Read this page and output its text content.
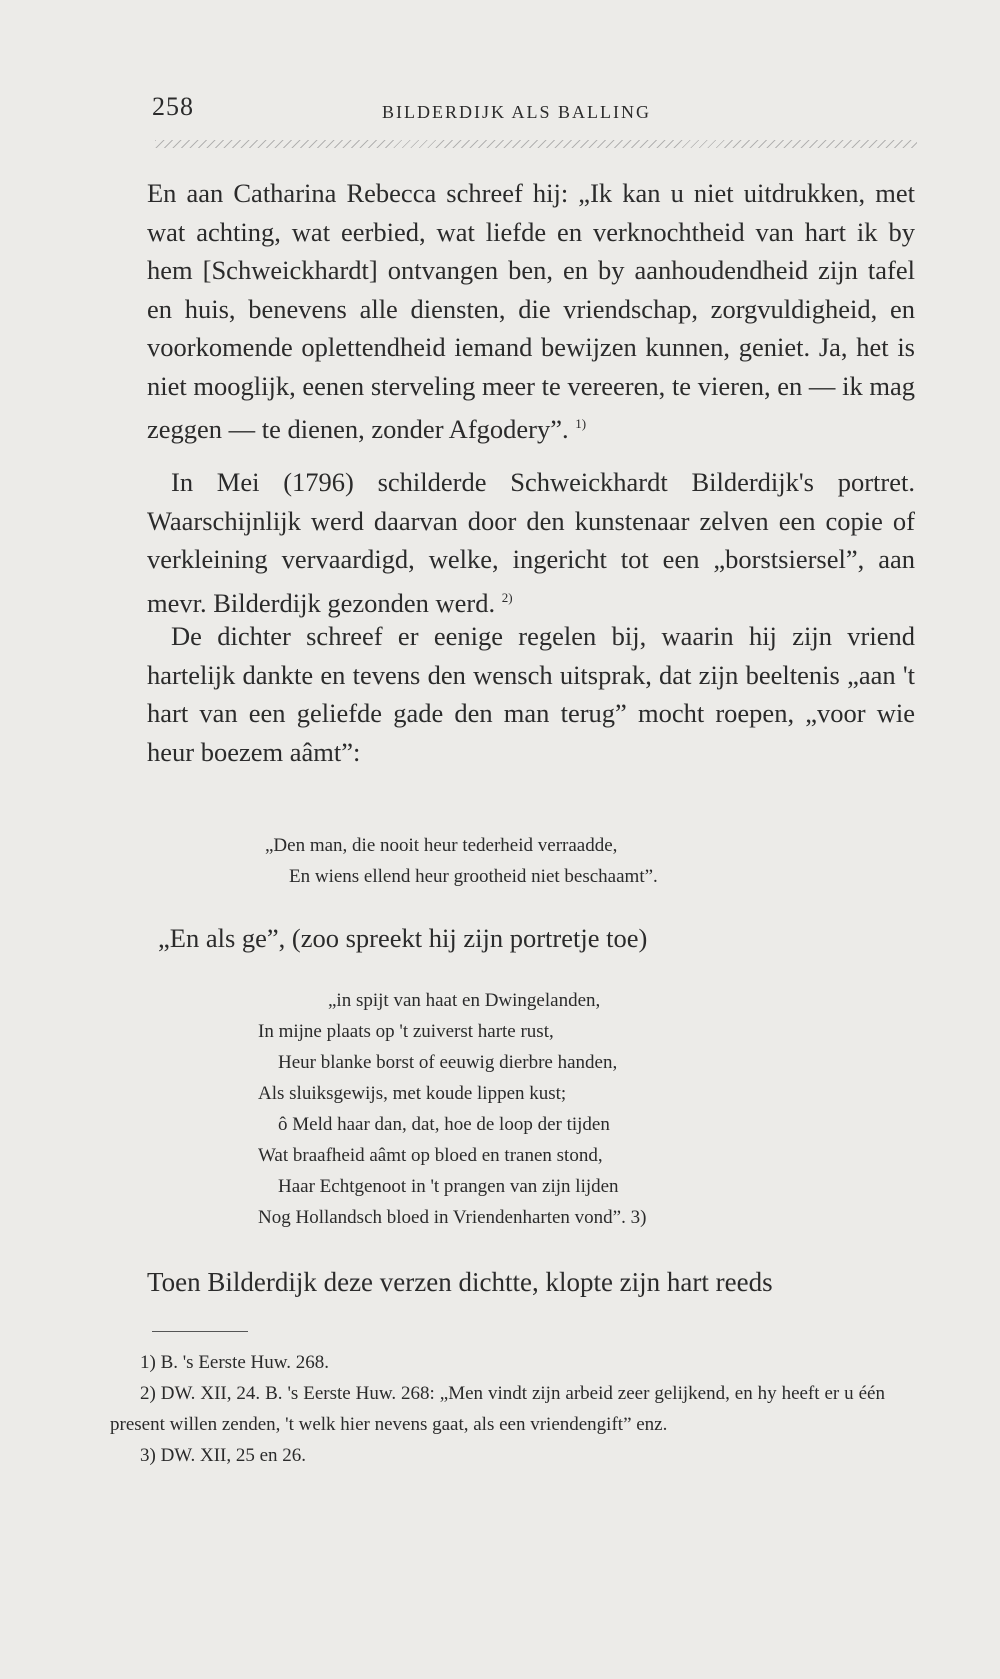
258	BILDERDIJK ALS BALLING

En aan Catharina Rebecca schreef hij: „Ik kan u niet uitdrukken, met wat achting, wat eerbied, wat liefde en verknochtheid van hart ik by hem [Schweickhardt] ontvangen ben, en by aanhoudendheid zijn tafel en huis, benevens alle diensten, die vriendschap, zorgvuldigheid, en voorkomende oplettendheid iemand bewijzen kunnen, geniet. Ja, het is niet mooglijk, eenen sterveling meer te vereeren, te vieren, en — ik mag zeggen — te dienen, zonder Afgodery”. $^{1)}$

In Mei (1796) schilderde Schweickhardt Bilderdijk's portret. Waarschijnlijk werd daarvan door den kunstenaar zelven een copie of verkleining vervaardigd, welke, ingericht tot een „borstsiersel”, aan mevr. Bilderdijk gezonden werd. $^{2)}$

De dichter schreef er eenige regelen bij, waarin hij zijn vriend hartelijk dankte en tevens den wensch uitsprak, dat zijn beeltenis „aan 't hart van een geliefde gade den man terug” mocht roepen, „voor wie heur boezem aâmt”:

„Den man, die nooit heur tederheid verraadde,
En wiens ellend heur grootheid niet beschaamt”.

„En als ge”, (zoo spreekt hij zijn portretje toe)

„in spijt van haat en Dwingelanden,
In mijne plaats op 't zuiverst harte rust,
Heur blanke borst of eeuwig dierbre handen,
Als sluiksgewijs, met koude lippen kust;
ô Meld haar dan, dat, hoe de loop der tijden
Wat braafheid aâmt op bloed en tranen stond,
Haar Echtgenoot in 't prangen van zijn lijden
Nog Hollandsch bloed in Vriendenharten vond”. 3)

Toen Bilderdijk deze verzen dichtte, klopte zijn hart reeds

1) B. 's Eerste Huw. 268.

2) DW. XII, 24. B. 's Eerste Huw. 268: „Men vindt zijn arbeid zeer gelijkend, en hy heeft er u één present willen zenden, 't welk hier nevens gaat, als een vriendengift” enz.

3) DW. XII, 25 en 26.
